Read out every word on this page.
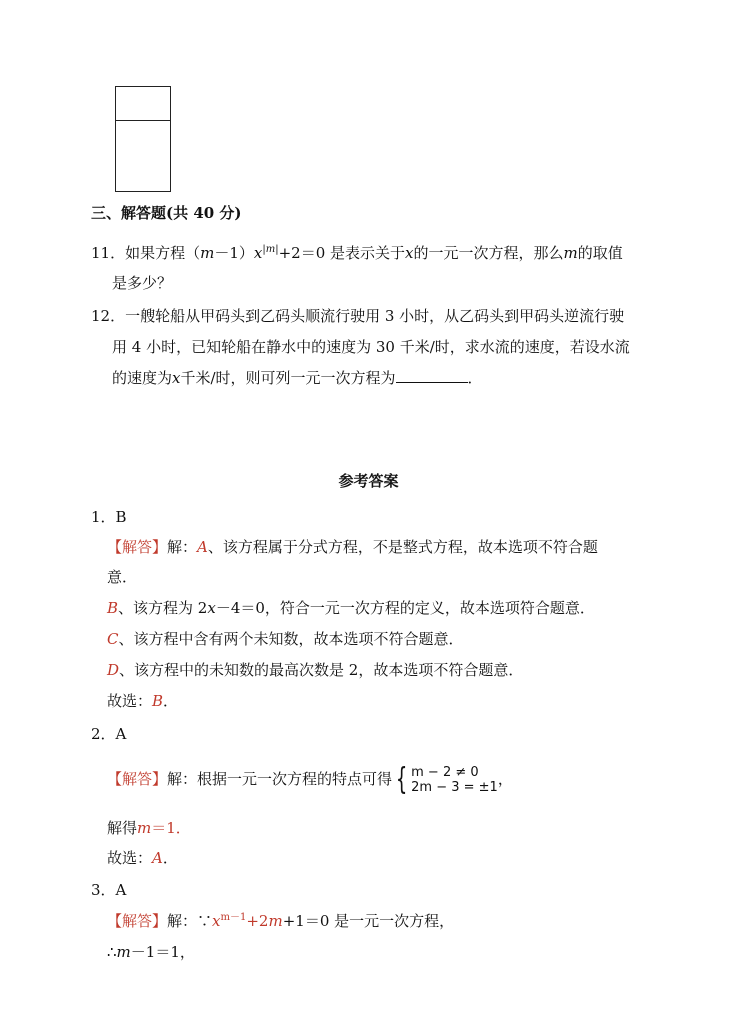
三、解答题(共 40 分)
11．如果方程$(m-1)x^{|m|}+2=0$ 是表示关于x的一元一次方程，那么m的取值
是多少？
12．一艘轮船从甲码头到乙码头顺流行驶用 3 小时，从乙码头到甲码头逆流行驶
用 4 小时，已知轮船在静水中的速度为 30 千米/时，求水流的速度，若设水流
的速度为x千米/时，则可列一元一次方程为	．
参考答案
1．B
【解答】解：A、该方程属于分式方程，不是整式方程，故本选项不符合题
意．
B、该方程为 2x－4＝0，符合一元一次方程的定义，故本选项符合题意．
C、该方程中含有两个未知数，故本选项不符合题意．
D、该方程中的未知数的最高次数是 2，故本选项不符合题意．
故选：B．
2．A
【解答】解：根据一元一次方程的特点可得 { m − 2 ≠ 0
2m − 3 = ±1 ，
解得m＝1．
故选：A．
3．A
【解答】解：$\because x^{m-1}+2m+1=0$ 是一元一次方程，
∴m－1＝1，
